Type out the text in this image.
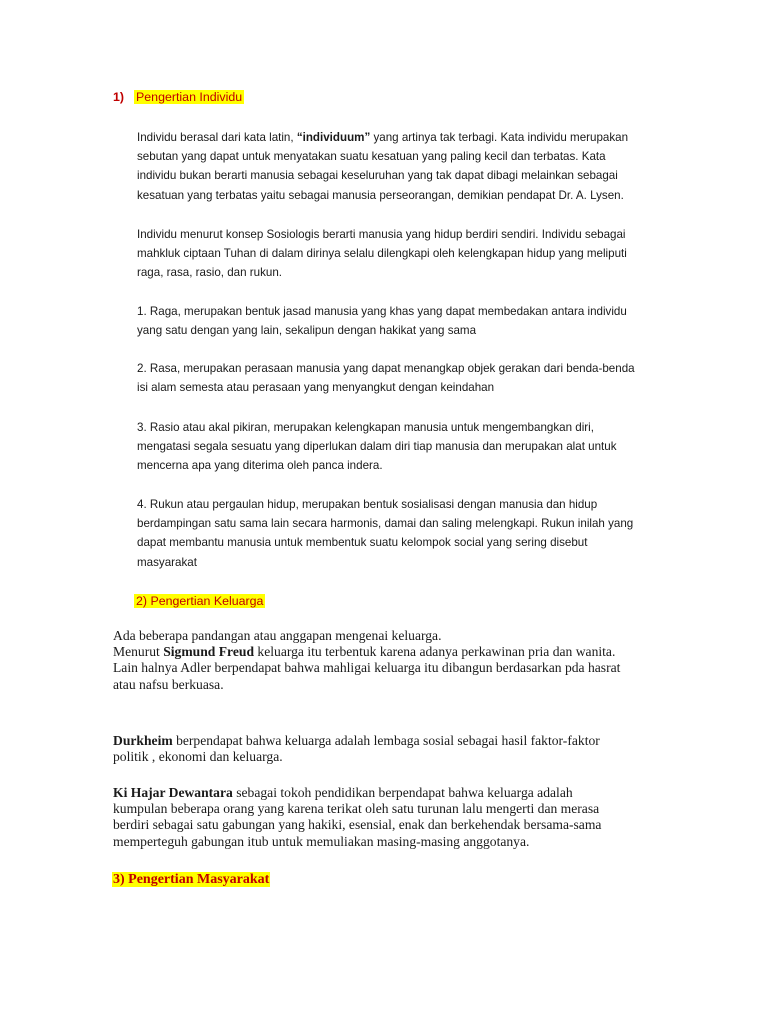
1) Pengertian Individu

Individu berasal dari kata latin, “individuum” yang artinya tak terbagi. Kata individu merupakan

sebutan yang dapat untuk menyatakan suatu kesatuan yang paling kecil dan terbatas. Kata

individu bukan berarti manusia sebagai keseluruhan yang tak dapat dibagi melainkan sebagai

kesatuan yang terbatas yaitu sebagai manusia perseorangan, demikian pendapat Dr. A. Lysen.

Individu menurut konsep Sosiologis berarti manusia yang hidup berdiri sendiri. Individu sebagai

mahkluk ciptaan Tuhan di dalam dirinya selalu dilengkapi oleh kelengkapan hidup yang meliputi

raga, rasa, rasio, dan rukun.

1. Raga, merupakan bentuk jasad manusia yang khas yang dapat membedakan antara individu

yang satu dengan yang lain, sekalipun dengan hakikat yang sama

2. Rasa, merupakan perasaan manusia yang dapat menangkap objek gerakan dari benda-benda

isi alam semesta atau perasaan yang menyangkut dengan keindahan

3. Rasio atau akal pikiran, merupakan kelengkapan manusia untuk mengembangkan diri,

mengatasi segala sesuatu yang diperlukan dalam diri tiap manusia dan merupakan alat untuk

mencerna apa yang diterima oleh panca indera.

4. Rukun atau pergaulan hidup, merupakan bentuk sosialisasi dengan manusia dan hidup

berdampingan satu sama lain secara harmonis, damai dan saling melengkapi. Rukun inilah yang

dapat membantu manusia untuk membentuk suatu kelompok social yang sering disebut

masyarakat

2) Pengertian Keluarga

Ada beberapa pandangan atau anggapan mengenai keluarga.

Menurut Sigmund Freud keluarga itu terbentuk karena adanya perkawinan pria dan wanita.

Lain halnya Adler berpendapat bahwa mahligai keluarga itu dibangun berdasarkan pda hasrat

atau nafsu berkuasa.

Durkheim berpendapat bahwa keluarga adalah lembaga sosial sebagai hasil faktor-faktor

politik , ekonomi dan keluarga.

Ki Hajar Dewantara sebagai tokoh pendidikan berpendapat bahwa keluarga adalah

kumpulan beberapa orang yang karena terikat oleh satu turunan lalu mengerti dan merasa

berdiri sebagai satu gabungan yang hakiki, esensial, enak dan berkehendak bersama-sama

memperteguh gabungan itub untuk memuliakan masing-masing anggotanya.

3) Pengertian Masyarakat
